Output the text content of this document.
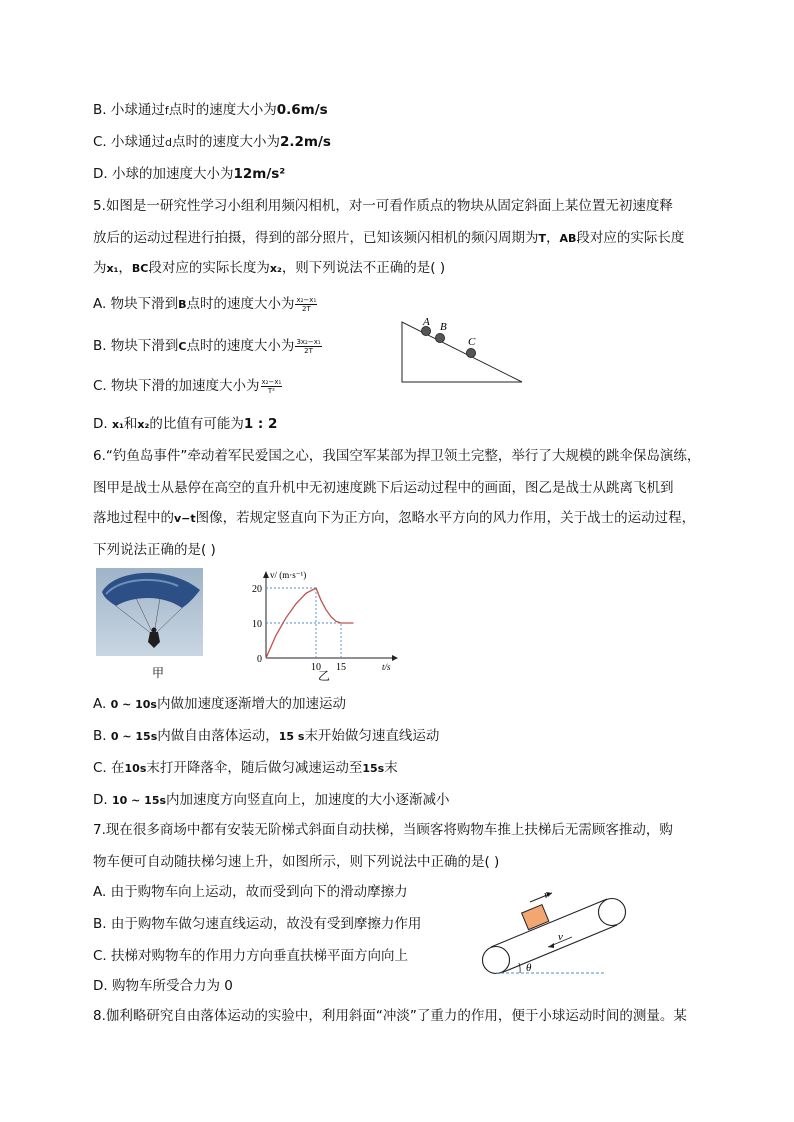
B. 小球通过f点时的速度大小为0.6m/s
C. 小球通过d点时的速度大小为2.2m/s
D. 小球的加速度大小为12m/s²
5.如图是一研究性学习小组利用频闪相机，对一可看作质点的物块从固定斜面上某位置无初速度释
放后的运动过程进行拍摄，得到的部分照片，已知该频闪相机的频闪周期为T，AB段对应的实际长度
为x₁，BC段对应的实际长度为x₂，则下列说法不正确的是( )
A. 物块下滑到B点时的速度大小为 $\frac{\text{x₂−x₁}}{2T}$
B. 物块下滑到C点时的速度大小为 $\frac{\text{3x₂−x₁}}{2T}$
C. 物块下滑的加速度大小为 $\frac{\text{x₂−x₁}}{\text{T²}}$
D. x₁和x₂的比值有可能为1 : 2
A B
C
6.“钓鱼岛事件”牵动着军民爱国之心，我国空军某部为捍卫领土完整，举行了大规模的跳伞保岛演练，
图甲是战士从悬停在高空的直升机中无初速度跳下后运动过程中的画面，图乙是战士从跳离飞机到
落地过程中的v−t图像，若规定竖直向下为正方向，忽略水平方向的风力作用，关于战士的运动过程，
下列说法正确的是( )
甲
v/ (m·s⁻¹)
t/s
0
10 15
20
10
乙
A. 0 ~ 10s内做加速度逐渐增大的加速运动
B. 0 ~ 15s内做自由落体运动，15 s末开始做匀速直线运动
C. 在10s末打开降落伞，随后做匀减速运动至15s末
D. 10 ~ 15s内加速度方向竖直向上，加速度的大小逐渐减小
7.现在很多商场中都有安装无阶梯式斜面自动扶梯，当顾客将购物车推上扶梯后无需顾客推动，购
物车便可自动随扶梯匀速上升，如图所示，则下列说法中正确的是( )
A. 由于购物车向上运动，故而受到向下的滑动摩擦力
B. 由于购物车做匀速直线运动，故没有受到摩擦力作用
C. 扶梯对购物车的作用力方向垂直扶梯平面方向向上
D. 购物车所受合力为 0
θ
v
v
8.伽利略研究自由落体运动的实验中，利用斜面“冲淡”了重力的作用，便于小球运动时间的测量。某
